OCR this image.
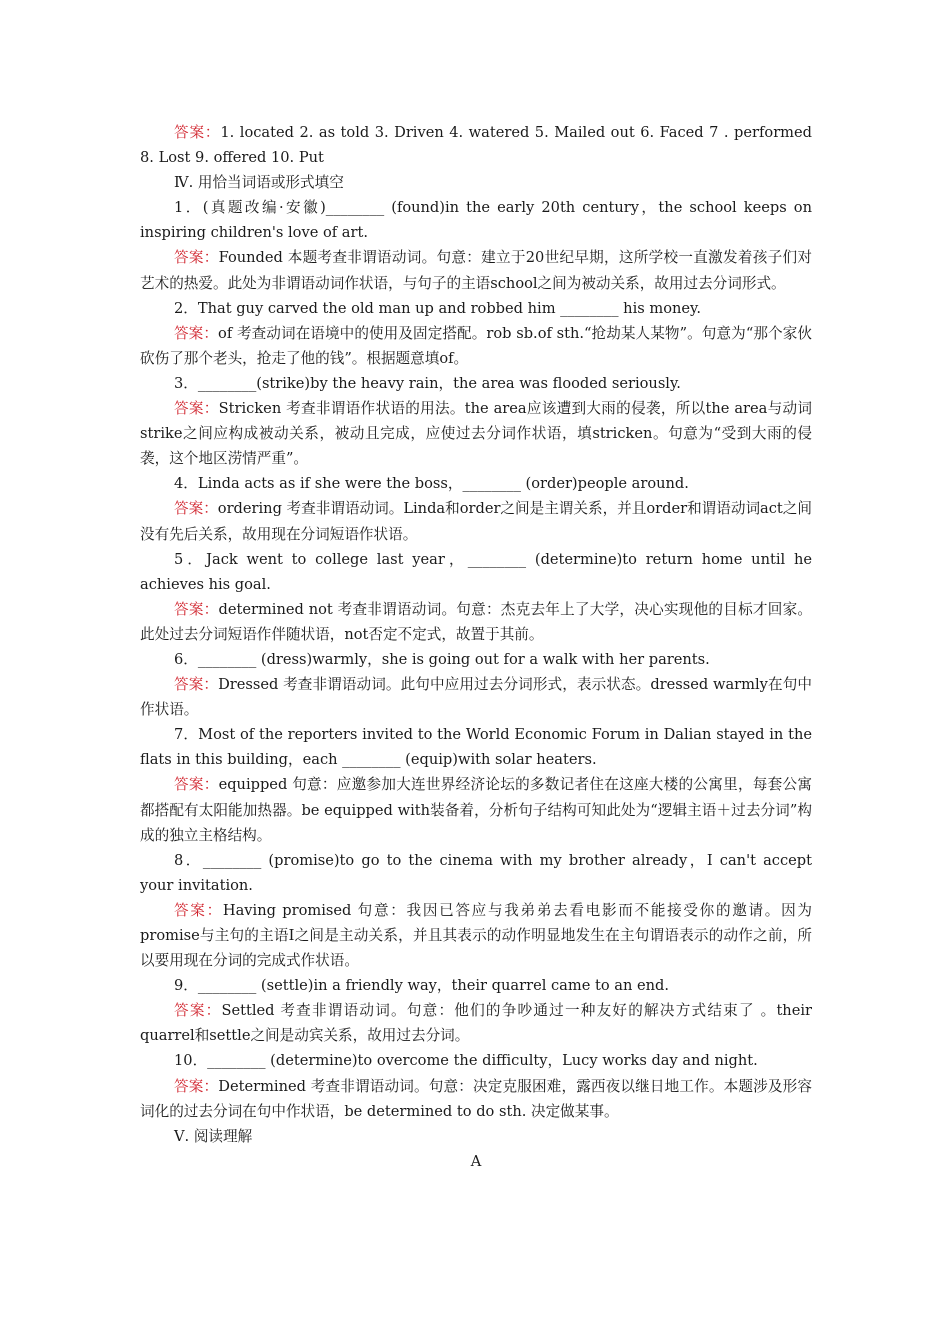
答案：1. located 2. as told 3. Driven 4. watered 5. Mailed out 6. Faced 7 . performed 8. Lost 9. offered 10. Put

Ⅳ. 用恰当词语或形式填空

1．(真题改编·安徽)________ (found)in the early 20th century，the school keeps on inspiring children's love of art.

答案：Founded 本题考查非谓语动词。句意：建立于20世纪早期，这所学校一直激发着孩子们对艺术的热爱。此处为非谓语动词作状语，与句子的主语school之间为被动关系，故用过去分词形式。

2．That guy carved the old man up and robbed him ________ his money.

答案：of 考查动词在语境中的使用及固定搭配。rob sb.of sth.“抢劫某人某物”。句意为“那个家伙砍伤了那个老头，抢走了他的钱”。根据题意填of。

3．________(strike)by the heavy rain，the area was flooded seriously.

答案：Stricken 考查非谓语作状语的用法。the area应该遭到大雨的侵袭，所以the area与动词strike之间应构成被动关系，被动且完成，应使过去分词作状语，填stricken。句意为“受到大雨的侵袭，这个地区涝情严重”。

4．Linda acts as if she were the boss，________ (order)people around.

答案：ordering 考查非谓语动词。Linda和order之间是主谓关系，并且order和谓语动词act之间没有先后关系，故用现在分词短语作状语。

5．Jack went to college last year，________ (determine)to return home until he achieves his goal.

答案：determined not 考查非谓语动词。句意：杰克去年上了大学，决心实现他的目标才回家。此处过去分词短语作伴随状语，not否定不定式，故置于其前。

6．________ (dress)warmly，she is going out for a walk with her parents.

答案：Dressed 考查非谓语动词。此句中应用过去分词形式，表示状态。dressed warmly在句中作状语。

7．Most of the reporters invited to the World Economic Forum in Dalian stayed in the flats in this building，each ________ (equip)with solar heaters.

答案：equipped 句意：应邀参加大连世界经济论坛的多数记者住在这座大楼的公寓里，每套公寓都搭配有太阳能加热器。be equipped with装备着，分析句子结构可知此处为“逻辑主语＋过去分词”构成的独立主格结构。

8．________ (promise)to go to the cinema with my brother already，I can't accept your invitation.

答案：Having promised 句意：我因已答应与我弟弟去看电影而不能接受你的邀请。因为promise与主句的主语I之间是主动关系，并且其表示的动作明显地发生在主句谓语表示的动作之前，所以要用现在分词的完成式作状语。

9．________ (settle)in a friendly way，their quarrel came to an end.

答案：Settled 考查非谓语动词。句意：他们的争吵通过一种友好的解决方式结束了 。their quarrel和settle之间是动宾关系，故用过去分词。

10．________ (determine)to overcome the difficulty，Lucy works day and night.

答案：Determined 考查非谓语动词。句意：决定克服困难，露西夜以继日地工作。本题涉及形容词化的过去分词在句中作状语，be determined to do sth. 决定做某事。

Ⅴ. 阅读理解

A
